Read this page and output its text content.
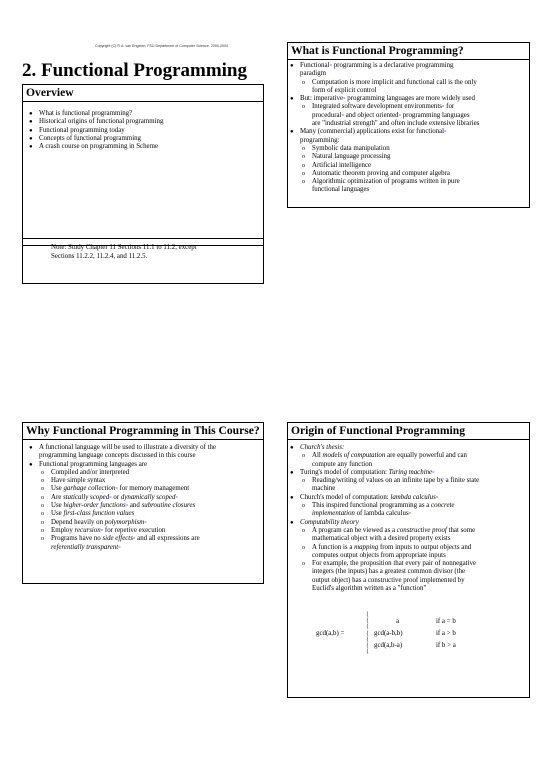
Copyright (C) R.A. van Engelen, FSU Department of Computer Science, 2000-2004
2. Functional Programming
Overview
● What is functional programming?
● Historical origins of functional programming
● Functional programming today
● Concepts of functional programming
● A crash course on programming in Scheme
Note: Study Chapter 11 Sections 11.1 to 11.2, except
Sections 11.2.2, 11.2.4, and 11.2.5.
What is Functional Programming?
● Functional» programming is a declarative programming
paradigm
o Computation is more implicit and functional call is the only
form of explicit control
● But: imperative» programming languages are more widely used
o Integrated software development environments» for
procedural» and object oriented» programming languages
are "industrial strength" and often include extensive libraries
● Many (commercial) applications exist for functional»
programming:
o Symbolic data manipulation
o Natural language processing
o Artificial intelligence
o Automatic theorem proving and computer algebra
o Algorithmic optimization of programs written in pure
functional languages
Why Functional Programming in This Course?
● A functional language will be used to illustrate a diversity of the
programming language concepts discussed in this course
● Functional programming languages are
o Compiled and/or interpreted
o Have simple syntax
o Use garbage collection» for memory management
o Are statically scoped» or dynamically scoped»
o Use higher-order functions» and subroutine closures
o Use first-class function values
o Depend heavily on polymorphism»
o Employ recursion» for repetive execution
o Programs have no side effects» and all expressions are
referentially transparent»
Origin of Functional Programming
● Church's thesis:
o All models of computation are equally powerful and can
compute any function
● Turing's model of computation: Turing machine»
o Reading/writing of values on an infinite tape by a finite state
machine
● Church's model of computation: lambda calculus»
o This inspired functional programming as a concrete
implementation of lambda calculus»
● Computability theory
o A program can be viewed as a constructive proof that some
mathematical object with a desired property exists
o A function is a mapping from inputs to output objects and
computes output objects from appropriate inputs
o For example, the proposition that every pair of nonnegative
integers (the inputs) has a greatest common divisor (the
output object) has a constructive proof implemented by
Euclid's algorithm written as a "function"
gcd(a,b) =
{
{
{
{
{
{
{
a	if a = b
gcd(a-b,b)	if a > b
gcd(a,b-a)	if b > a
